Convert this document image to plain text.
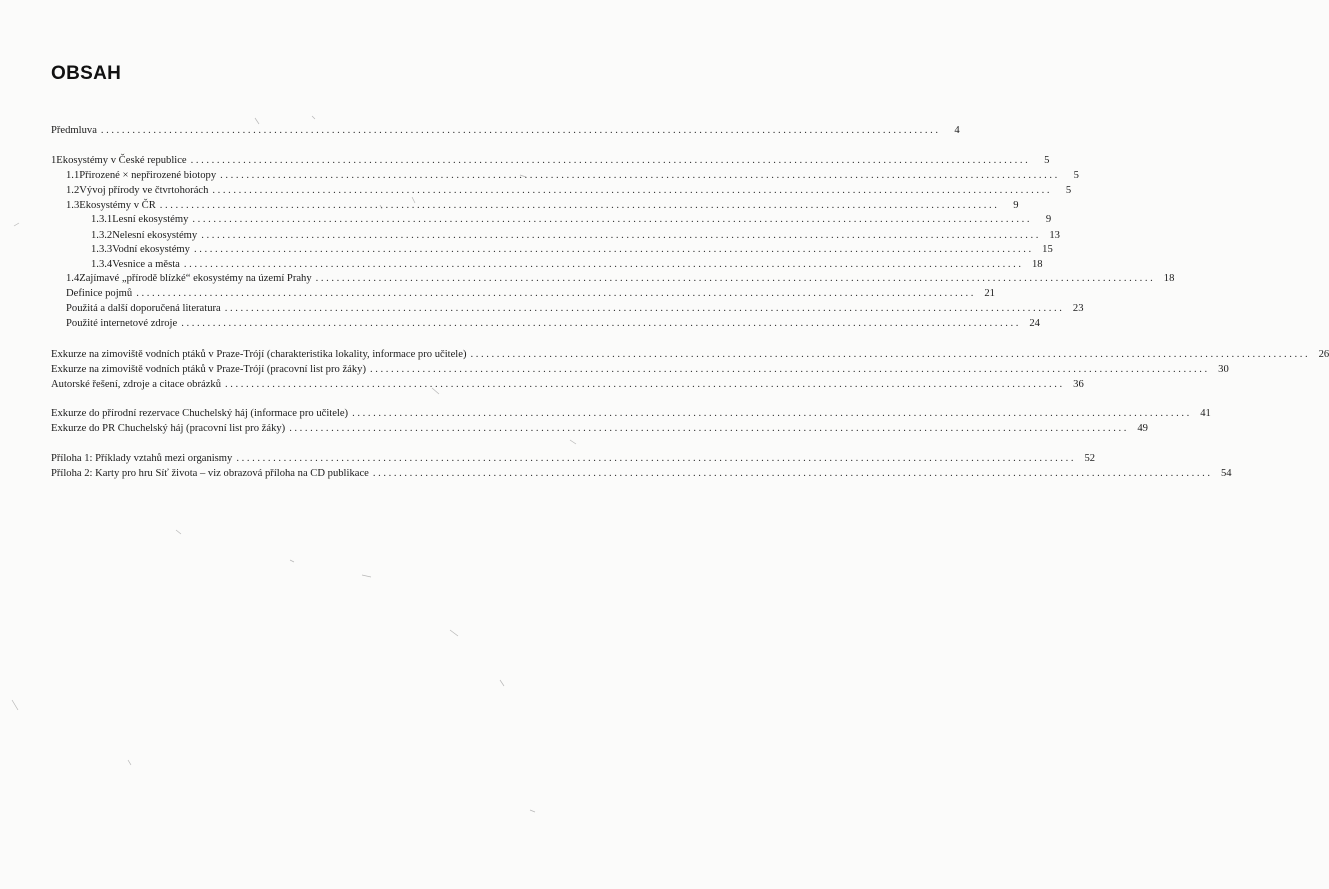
OBSAH
Předmluva ................................................................................................................................................................	4
1 Ekosystémy v České republice ................................................................................................................................................................	5
1.1 Přirozené × nepřirozené biotopy ................................................................................................................................................................	5
1.2 Vývoj přírody ve čtvrtohorách ................................................................................................................................................................	5
1.3 Ekosystémy v ČR ................................................................................................................................................................	9
1.3.1 Lesní ekosystémy ................................................................................................................................................................	9
1.3.2 Nelesní ekosystémy ................................................................................................................................................................ 13
1.3.3 Vodní ekosystémy ................................................................................................................................................................ 15
1.3.4 Vesnice a města ................................................................................................................................................................ 18
1.4 Zajímavé „přírodě blízké“ ekosystémy na území Prahy ................................................................................................................................................................ 18
Definice pojmů ................................................................................................................................................................ 21
Použitá a další doporučená literatura ................................................................................................................................................................ 23
Použité internetové zdroje ................................................................................................................................................................ 24
Exkurze na zimoviště vodních ptáků v Praze-Trójí (charakteristika lokality, informace pro učitele) ................................................................................................................................................................ 26
Exkurze na zimoviště vodních ptáků v Praze-Trójí (pracovní list pro žáky) ................................................................................................................................................................ 30
Autorské řešení, zdroje a citace obrázků ................................................................................................................................................................ 36
Exkurze do přírodní rezervace Chuchelský háj (informace pro učitele) ................................................................................................................................................................ 41
Exkurze do PR Chuchelský háj (pracovní list pro žáky) ................................................................................................................................................................ 49
Příloha 1: Příklady vztahů mezi organismy ................................................................................................................................................................ 52
Příloha 2: Karty pro hru Síť života – viz obrazová příloha na CD publikace ................................................................................................................................................................ 54
